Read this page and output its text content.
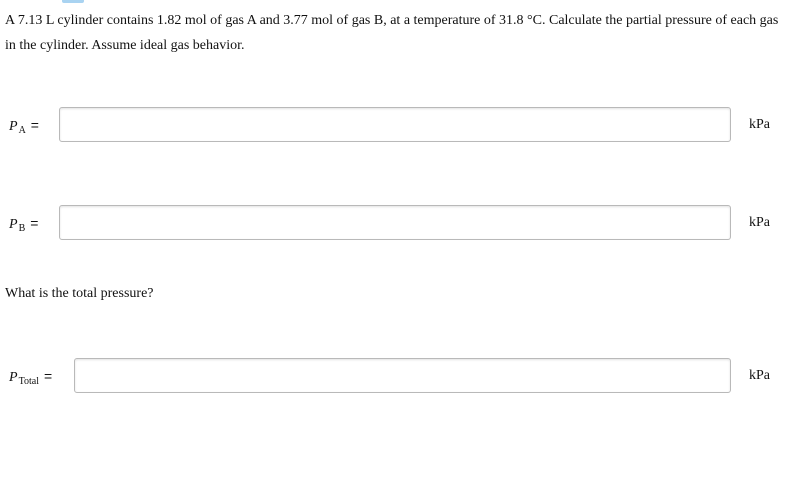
A 7.13 L cylinder contains 1.82 mol of gas A and 3.77 mol of gas B, at a temperature of 31.8 °C. Calculate the partial pressure of each gas in the cylinder. Assume ideal gas behavior.

$P_A$ =	kPa
$P_B$ =	kPa

What is the total pressure?

$P_{Total}$ =	kPa
